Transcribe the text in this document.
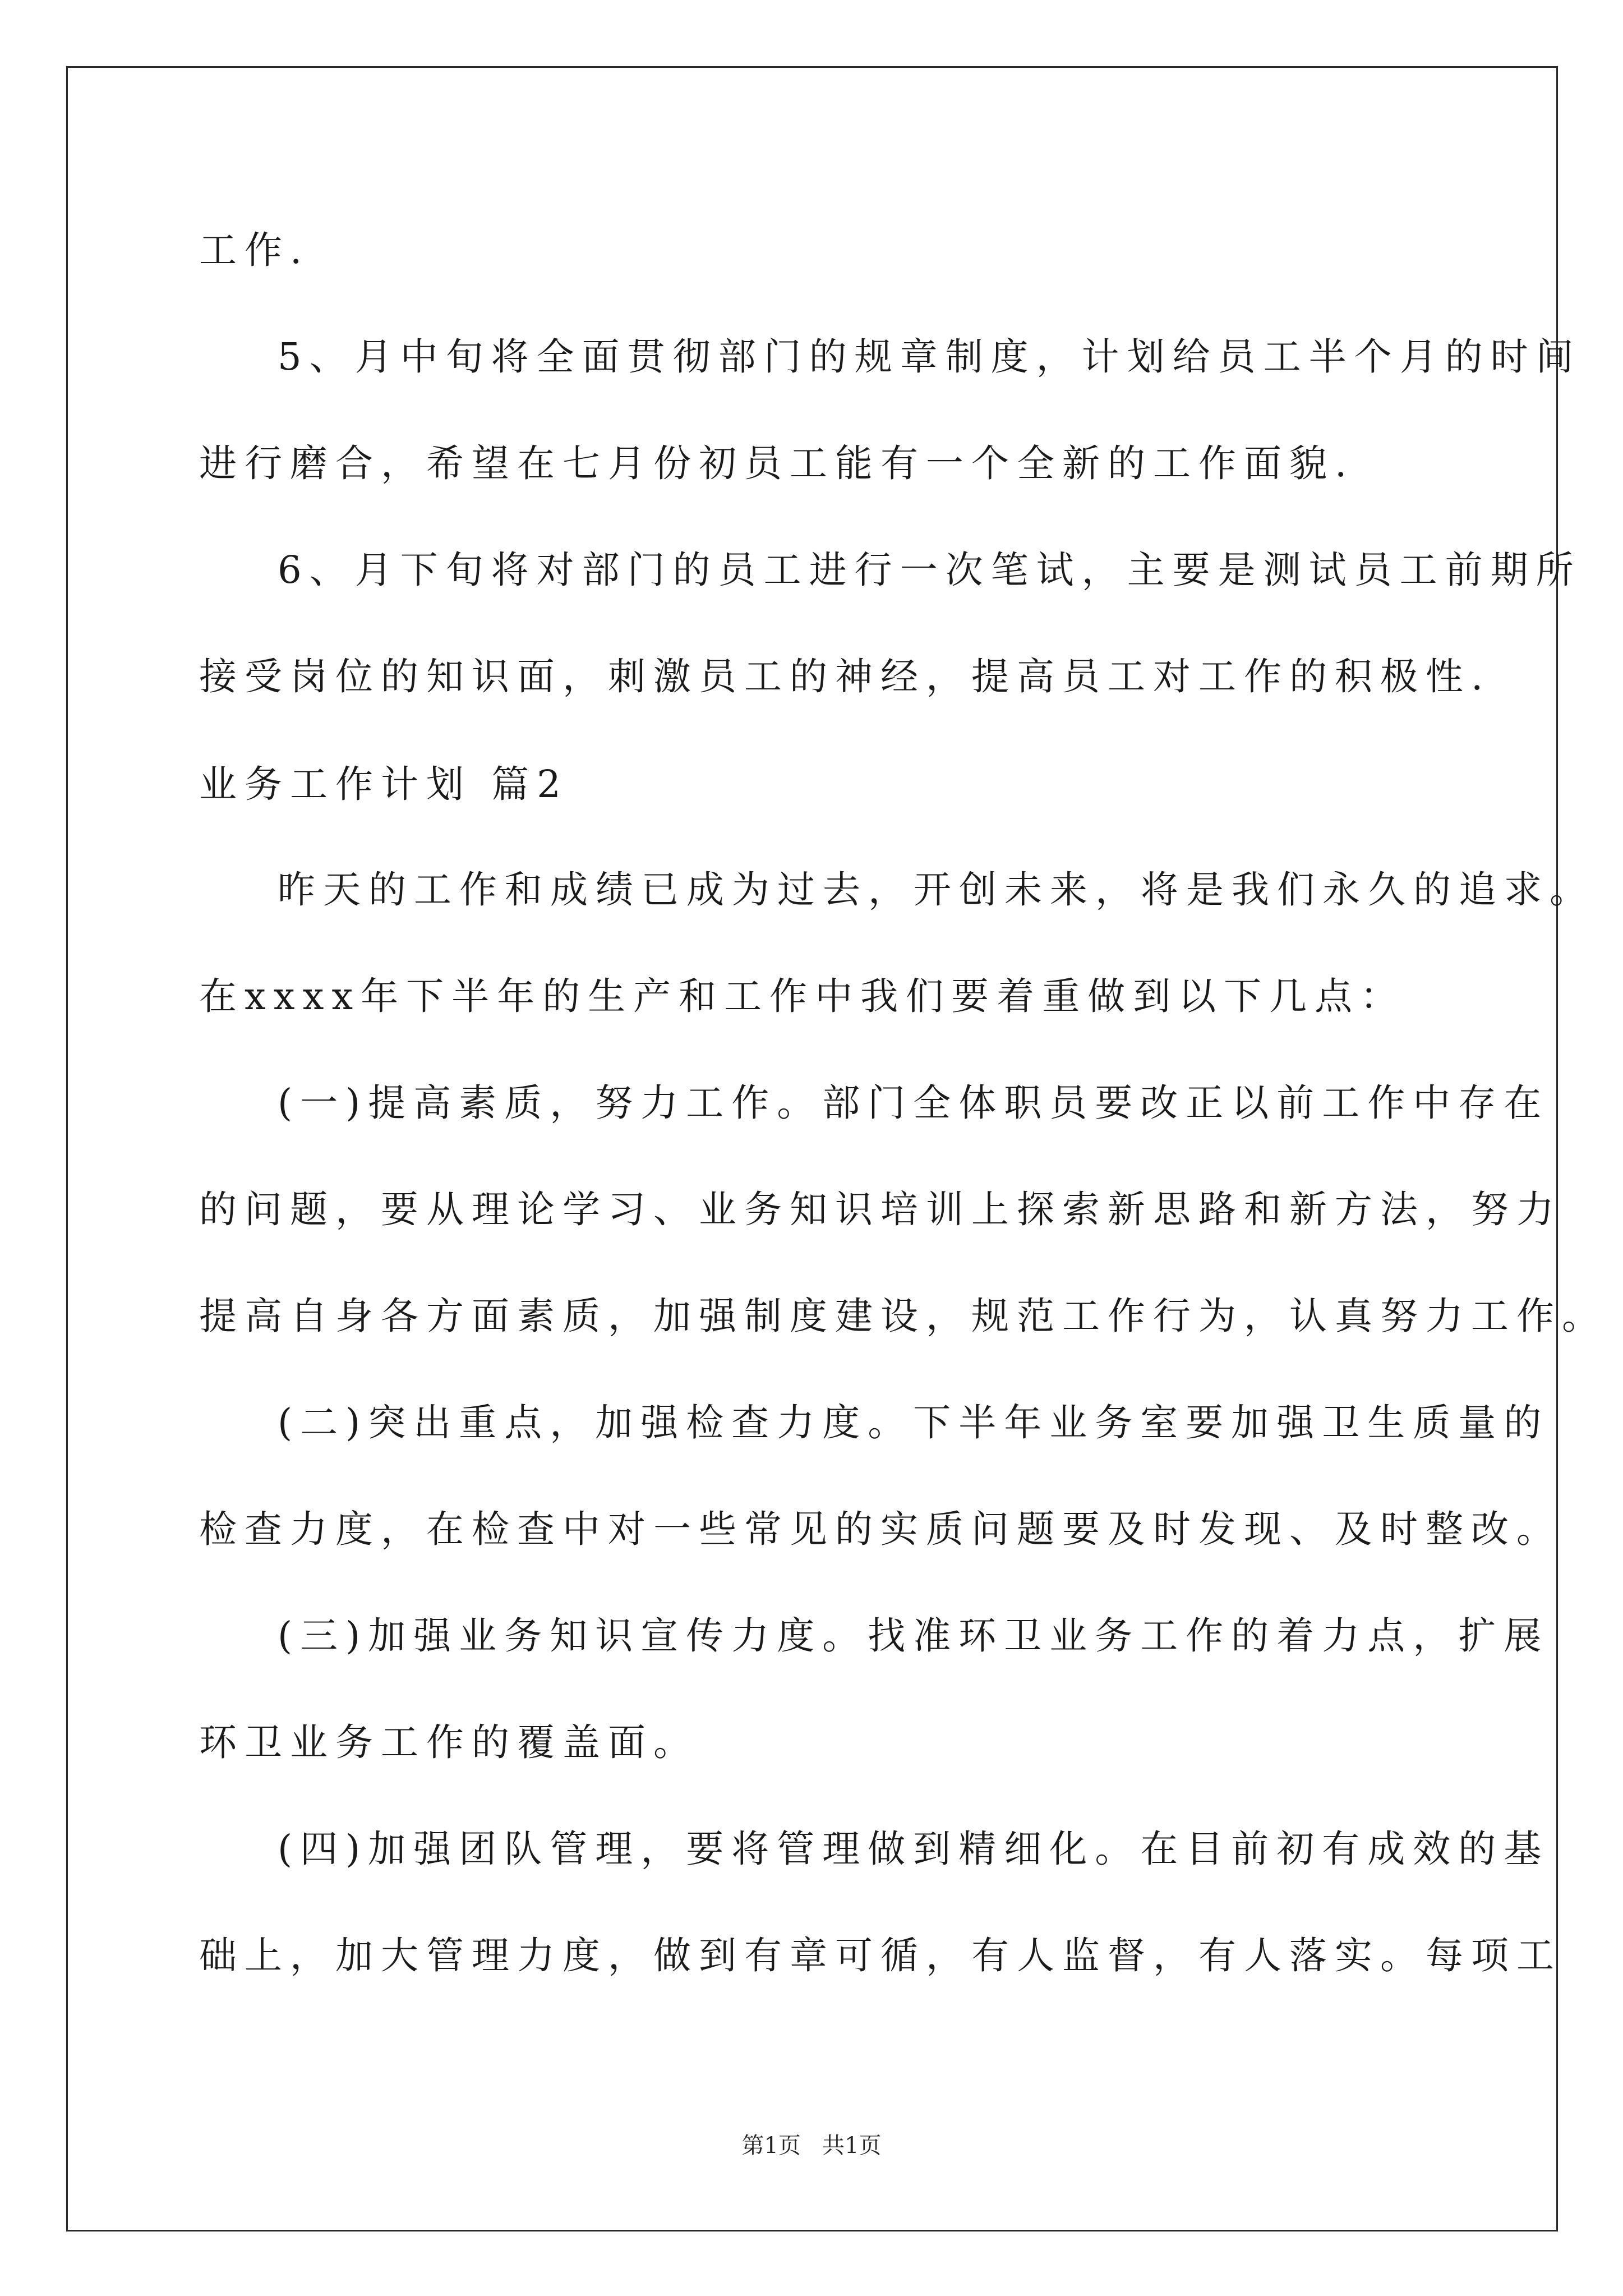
工作.
5、月中旬将全面贯彻部门的规章制度，计划给员工半个月的时间
进行磨合，希望在七月份初员工能有一个全新的工作面貌.
6、月下旬将对部门的员工进行一次笔试，主要是测试员工前期所
接受岗位的知识面，刺激员工的神经，提高员工对工作的积极性.
业务工作计划 篇2
昨天的工作和成绩已成为过去，开创未来，将是我们永久的追求。
在xxxx年下半年的生产和工作中我们要着重做到以下几点：
(一)提高素质，努力工作。部门全体职员要改正以前工作中存在
的问题，要从理论学习、业务知识培训上探索新思路和新方法，努力
提高自身各方面素质，加强制度建设，规范工作行为，认真努力工作。
(二)突出重点，加强检查力度。下半年业务室要加强卫生质量的
检查力度，在检查中对一些常见的实质问题要及时发现、及时整改。
(三)加强业务知识宣传力度。找准环卫业务工作的着力点，扩展
环卫业务工作的覆盖面。
(四)加强团队管理，要将管理做到精细化。在目前初有成效的基
础上，加大管理力度，做到有章可循，有人监督，有人落实。每项工
第1页   共1页
